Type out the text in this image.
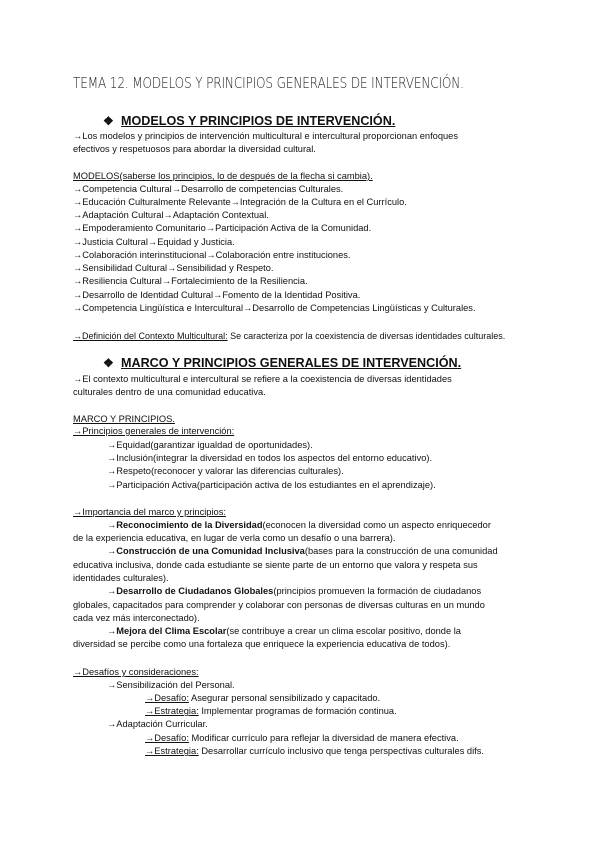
TEMA 12. MODELOS Y PRINCIPIOS GENERALES DE INTERVENCIÓN.
❖ MODELOS Y PRINCIPIOS DE INTERVENCIÓN.
→Los modelos y principios de intervención multicultural e intercultural proporcionan enfoques
efectivos y respetuosos para abordar la diversidad cultural.
MODELOS(saberse los principios, lo de después de la flecha si cambia).
→Competencia Cultural→Desarrollo de competencias Culturales.
→Educación Culturalmente Relevante→Integración de la Cultura en el Currículo.
→Adaptación Cultural→Adaptación Contextual.
→Empoderamiento Comunitario→Participación Activa de la Comunidad.
→Justicia Cultural→Equidad y Justicia.
→Colaboración interinstitucional→Colaboración entre instituciones.
→Sensibilidad Cultural→Sensibilidad y Respeto.
→Resiliencia Cultural→Fortalecimiento de la Resiliencia.
→Desarrollo de Identidad Cultural→Fomento de la Identidad Positiva.
→Competencia Lingüística e Intercultural→Desarrollo de Competencias Lingüísticas y Culturales.
→Definición del Contexto Multicultural: Se caracteriza por la coexistencia de diversas identidades culturales.
❖ MARCO Y PRINCIPIOS GENERALES DE INTERVENCIÓN.
→El contexto multicultural e intercultural se refiere a la coexistencia de diversas identidades
culturales dentro de una comunidad educativa.
MARCO Y PRINCIPIOS.
→Principios generales de intervención:
→Equidad(garantizar igualdad de oportunidades).
→Inclusión(integrar la diversidad en todos los aspectos del entorno educativo).
→Respeto(reconocer y valorar las diferencias culturales).
→Participación Activa(participación activa de los estudiantes en el aprendizaje).
→Importancia del marco y principios:
→Reconocimiento de la Diversidad(econocen la diversidad como un aspecto enriquecedor
de la experiencia educativa, en lugar de verla como un desafío o una barrera).
→Construcción de una Comunidad Inclusiva(bases para la construcción de una comunidad
educativa inclusiva, donde cada estudiante se siente parte de un entorno que valora y respeta sus
identidades culturales).
→Desarrollo de Ciudadanos Globales(principios promueven la formación de ciudadanos
globales, capacitados para comprender y colaborar con personas de diversas culturas en un mundo
cada vez más interconectado).
→Mejora del Clima Escolar(se contribuye a crear un clima escolar positivo, donde la
diversidad se percibe como una fortaleza que enriquece la experiencia educativa de todos).
→Desafíos y consideraciones:
→Sensibilización del Personal.
→Desafío: Asegurar personal sensibilizado y capacitado.
→Estrategia: Implementar programas de formación continua.
→Adaptación Curricular.
→Desafío: Modificar currículo para reflejar la diversidad de manera efectiva.
→Estrategia: Desarrollar currículo inclusivo que tenga perspectivas culturales difs.
